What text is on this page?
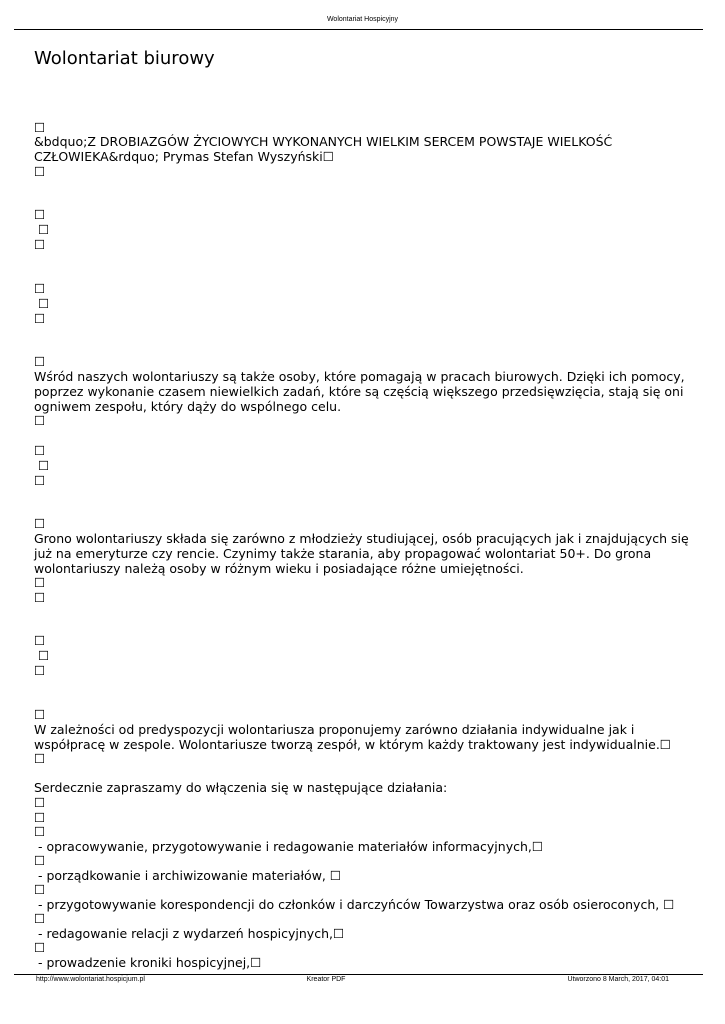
Wolontariat Hospicyjny
Wolontariat biurowy
☐
&bdquo;Z DROBIAZGÓW ŻYCIOWYCH WYKONANYCH WIELKIM SERCEM POWSTAJE WIELKOŚĆ
CZŁOWIEKA&rdquo; Prymas Stefan Wyszyński☐
☐
☐
☐
☐
☐
☐
☐
☐
Wśród naszych wolontariuszy są także osoby, które pomagają w pracach biurowych. Dzięki ich pomocy,
poprzez wykonanie czasem niewielkich zadań, które są częścią większego przedsięwzięcia, stają się oni
ogniwem zespołu, który dąży do wspólnego celu.
☐
☐
☐
☐
☐
Grono wolontariuszy składa się zarówno z młodzieży studiującej, osób pracujących jak i znajdujących się
już na emeryturze czy rencie. Czynimy także starania, aby propagować wolontariat 50+. Do grona
wolontariuszy należą osoby w różnym wieku i posiadające różne umiejętności.
☐
☐
☐
☐
☐
☐
W zależności od predyspozycji wolontariusza proponujemy zarówno działania indywidualne jak i
współpracę w zespole. Wolontariusze tworzą zespół, w którym każdy traktowany jest indywidualnie.☐
☐
Serdecznie zapraszamy do włączenia się w następujące działania:
☐
☐
☐
- opracowywanie, przygotowywanie i redagowanie materiałów informacyjnych,☐
☐
- porządkowanie i archiwizowanie materiałów, ☐
☐
- przygotowywanie korespondencji do członków i darczyńców Towarzystwa oraz osób osieroconych, ☐
☐
- redagowanie relacji z wydarzeń hospicyjnych,☐
☐
- prowadzenie kroniki hospicyjnej,☐
http://www.wolontariat.hospicjum.pl	Kreator PDF	Utworzono 8 March, 2017, 04:01
